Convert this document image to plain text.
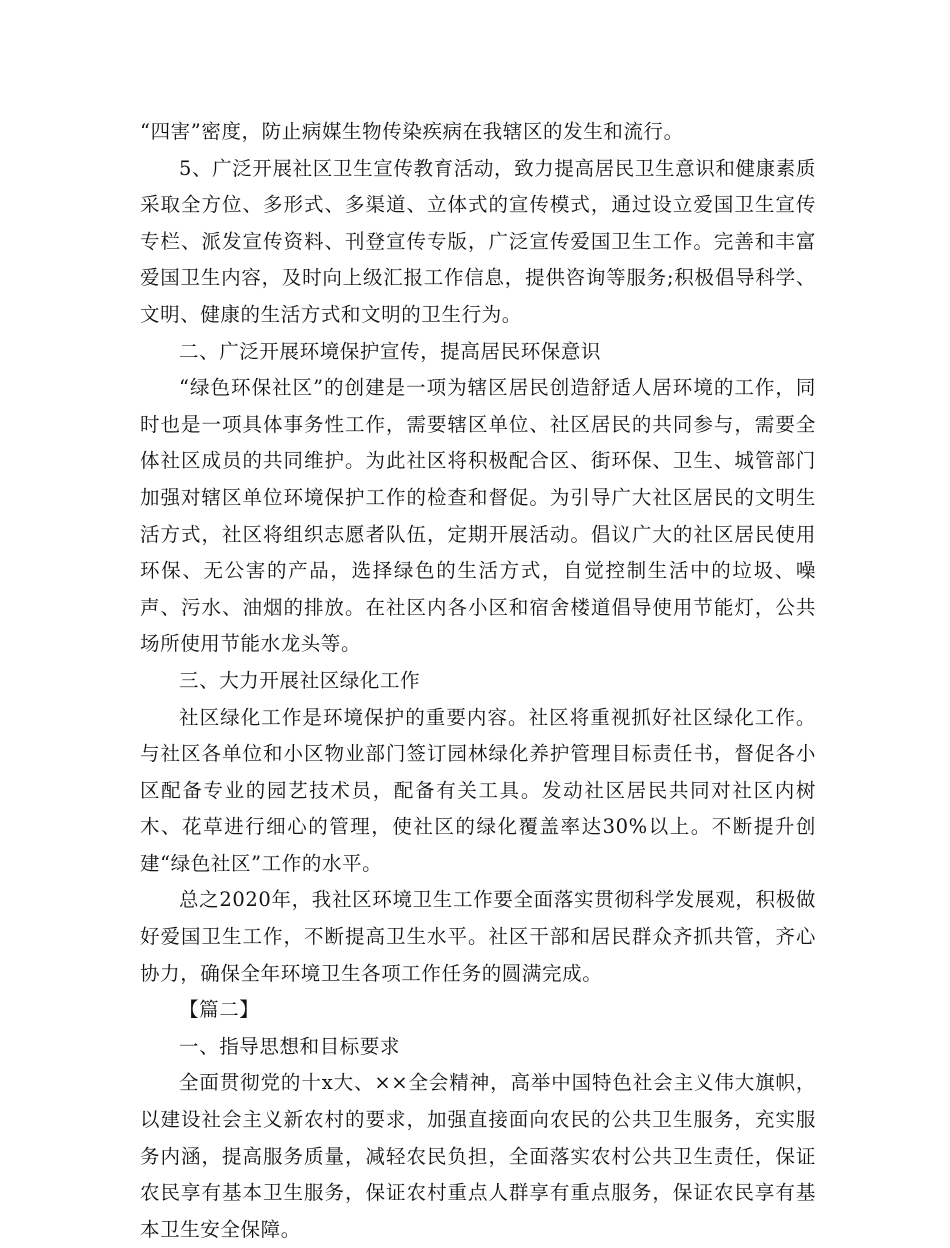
“四害”密度，防止病媒生物传染疾病在我辖区的发生和流行。

5、广泛开展社区卫生宣传教育活动，致力提高居民卫生意识和健康素质采取全方位、多形式、多渠道、立体式的宣传模式，通过设立爱国卫生宣传专栏、派发宣传资料、刊登宣传专版，广泛宣传爱国卫生工作。完善和丰富爱国卫生内容，及时向上级汇报工作信息，提供咨询等服务;积极倡导科学、文明、健康的生活方式和文明的卫生行为。

二、广泛开展环境保护宣传，提高居民环保意识

“绿色环保社区”的创建是一项为辖区居民创造舒适人居环境的工作，同时也是一项具体事务性工作，需要辖区单位、社区居民的共同参与，需要全体社区成员的共同维护。为此社区将积极配合区、街环保、卫生、城管部门加强对辖区单位环境保护工作的检查和督促。为引导广大社区居民的文明生活方式，社区将组织志愿者队伍，定期开展活动。倡议广大的社区居民使用环保、无公害的产品，选择绿色的生活方式，自觉控制生活中的垃圾、噪声、污水、油烟的排放。在社区内各小区和宿舍楼道倡导使用节能灯，公共场所使用节能水龙头等。

三、大力开展社区绿化工作

社区绿化工作是环境保护的重要内容。社区将重视抓好社区绿化工作。与社区各单位和小区物业部门签订园林绿化养护管理目标责任书，督促各小区配备专业的园艺技术员，配备有关工具。发动社区居民共同对社区内树木、花草进行细心的管理，使社区的绿化覆盖率达30%以上。不断提升创建“绿色社区”工作的水平。

总之2020年，我社区环境卫生工作要全面落实贯彻科学发展观，积极做好爱国卫生工作，不断提高卫生水平。社区干部和居民群众齐抓共管，齐心协力，确保全年环境卫生各项工作任务的圆满完成。

【篇二】

一、指导思想和目标要求

全面贯彻党的十x大、××全会精神，高举中国特色社会主义伟大旗帜，以建设社会主义新农村的要求，加强直接面向农民的公共卫生服务，充实服务内涵，提高服务质量，减轻农民负担，全面落实农村公共卫生责任，保证农民享有基本卫生服务，保证农村重点人群享有重点服务，保证农民享有基本卫生安全保障。
